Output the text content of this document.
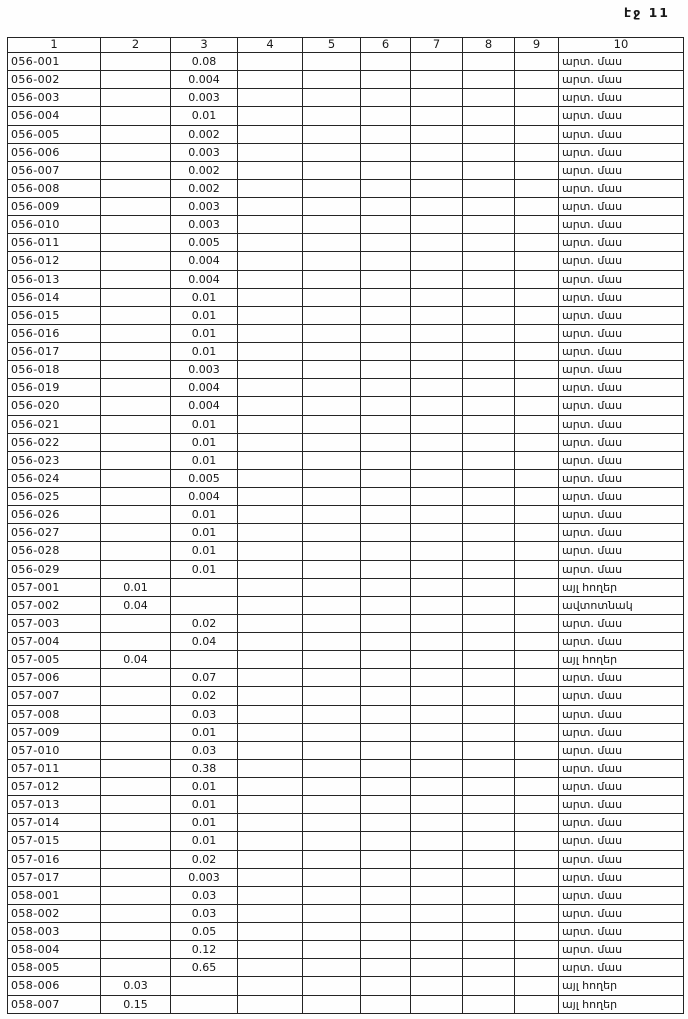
էջ 11
1	2	3	4	5	6	7	8	9	10
056-001		0.08							արտ. մաս
056-002		0.004							արտ. մաս
056-003		0.003							արտ. մաս
056-004		0.01							արտ. մաս
056-005		0.002							արտ. մաս
056-006		0.003							արտ. մաս
056-007		0.002							արտ. մաս
056-008		0.002							արտ. մաս
056-009		0.003							արտ. մաս
056-010		0.003							արտ. մաս
056-011		0.005							արտ. մաս
056-012		0.004							արտ. մաս
056-013		0.004							արտ. մաս
056-014		0.01							արտ. մաս
056-015		0.01							արտ. մաս
056-016		0.01							արտ. մաս
056-017		0.01							արտ. մաս
056-018		0.003							արտ. մաս
056-019		0.004							արտ. մաս
056-020		0.004							արտ. մաս
056-021		0.01							արտ. մաս
056-022		0.01							արտ. մաս
056-023		0.01							արտ. մաս
056-024		0.005							արտ. մաս
056-025		0.004							արտ. մաս
056-026		0.01							արտ. մաս
056-027		0.01							արտ. մաս
056-028		0.01							արտ. մաս
056-029		0.01							արտ. մաս
057-001	0.01								այլ հողեր
057-002	0.04								ավտոտնակ
057-003		0.02							արտ. մաս
057-004		0.04							արտ. մաս
057-005	0.04								այլ հողեր
057-006		0.07							արտ. մաս
057-007		0.02							արտ. մաս
057-008		0.03							արտ. մաս
057-009		0.01							արտ. մաս
057-010		0.03							արտ. մաս
057-011		0.38							արտ. մաս
057-012		0.01							արտ. մաս
057-013		0.01							արտ. մաս
057-014		0.01							արտ. մաս
057-015		0.01							արտ. մաս
057-016		0.02							արտ. մաս
057-017		0.003							արտ. մաս
058-001		0.03							արտ. մաս
058-002		0.03							արտ. մաս
058-003		0.05							արտ. մաս
058-004		0.12							արտ. մաս
058-005		0.65							արտ. մաս
058-006	0.03								այլ հողեր
058-007	0.15								այլ հողեր
